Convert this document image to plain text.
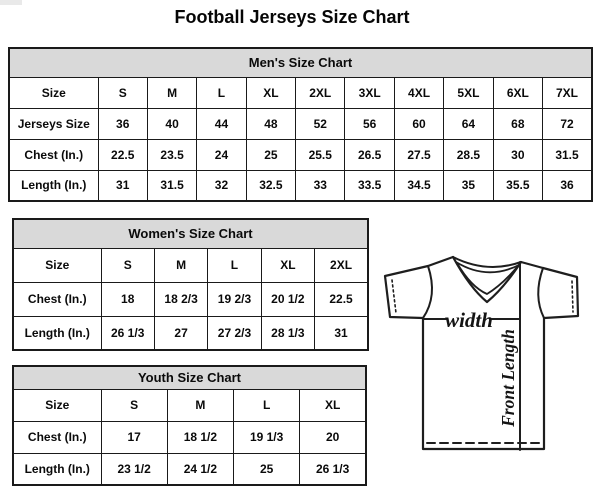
Football Jerseys Size Chart
Men's Size Chart										
Size	S	M	L	XL	2XL	3XL	4XL	5XL	6XL	7XL
Jerseys Size	36	40	44	48	52	56	60	64	68	72
Chest (In.)	22.5	23.5	24	25	25.5	26.5	27.5	28.5	30	31.5
Length (In.)	31	31.5	32	32.5	33	33.5	34.5	35	35.5	36
Women's Size Chart					
Size	S	M	L	XL	2XL
Chest (In.)	18	18 2/3	19 2/3	20 1/2	22.5
Length (In.)	26 1/3	27	27 2/3	28 1/3	31
Youth Size Chart				
Size	S	M	L	XL
Chest (In.)	17	18 1/2	19 1/3	20
Length (In.)	23 1/2	24 1/2	25	26 1/3
width
Front Length
